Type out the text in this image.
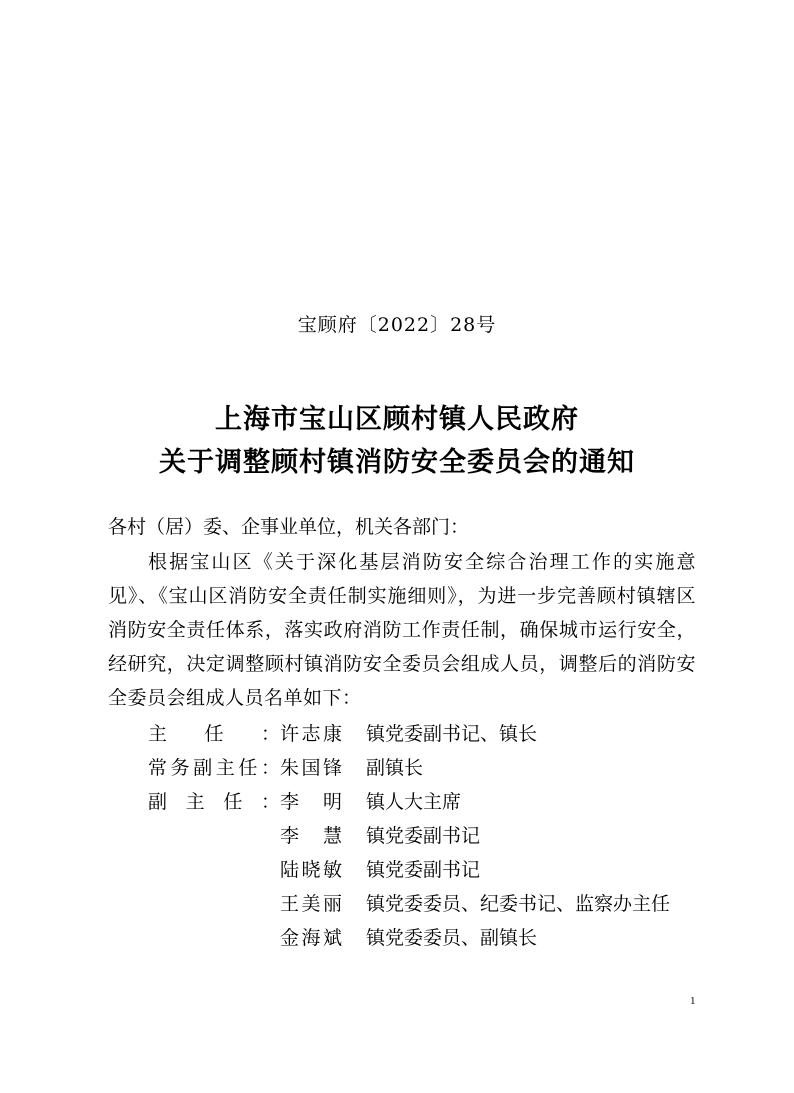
宝顾府〔2022〕28号
上海市宝山区顾村镇人民政府
关于调整顾村镇消防安全委员会的通知
各村（居）委、企事业单位，机关各部门：
根据宝山区《关于深化基层消防安全综合治理工作的实施意见》、《宝山区消防安全责任制实施细则》，为进一步完善顾村镇辖区消防安全责任体系，落实政府消防工作责任制，确保城市运行安全，经研究，决定调整顾村镇消防安全委员会组成人员，调整后的消防安全委员会组成人员名单如下：
主任： 许志康 镇党委副书记、镇长
常务副主任： 朱国锋 副镇长
副主任： 李明 镇人大主席
李慧 镇党委副书记
陆晓敏 镇党委副书记
王美丽 镇党委委员、纪委书记、监察办主任
金海斌 镇党委委员、副镇长
1
